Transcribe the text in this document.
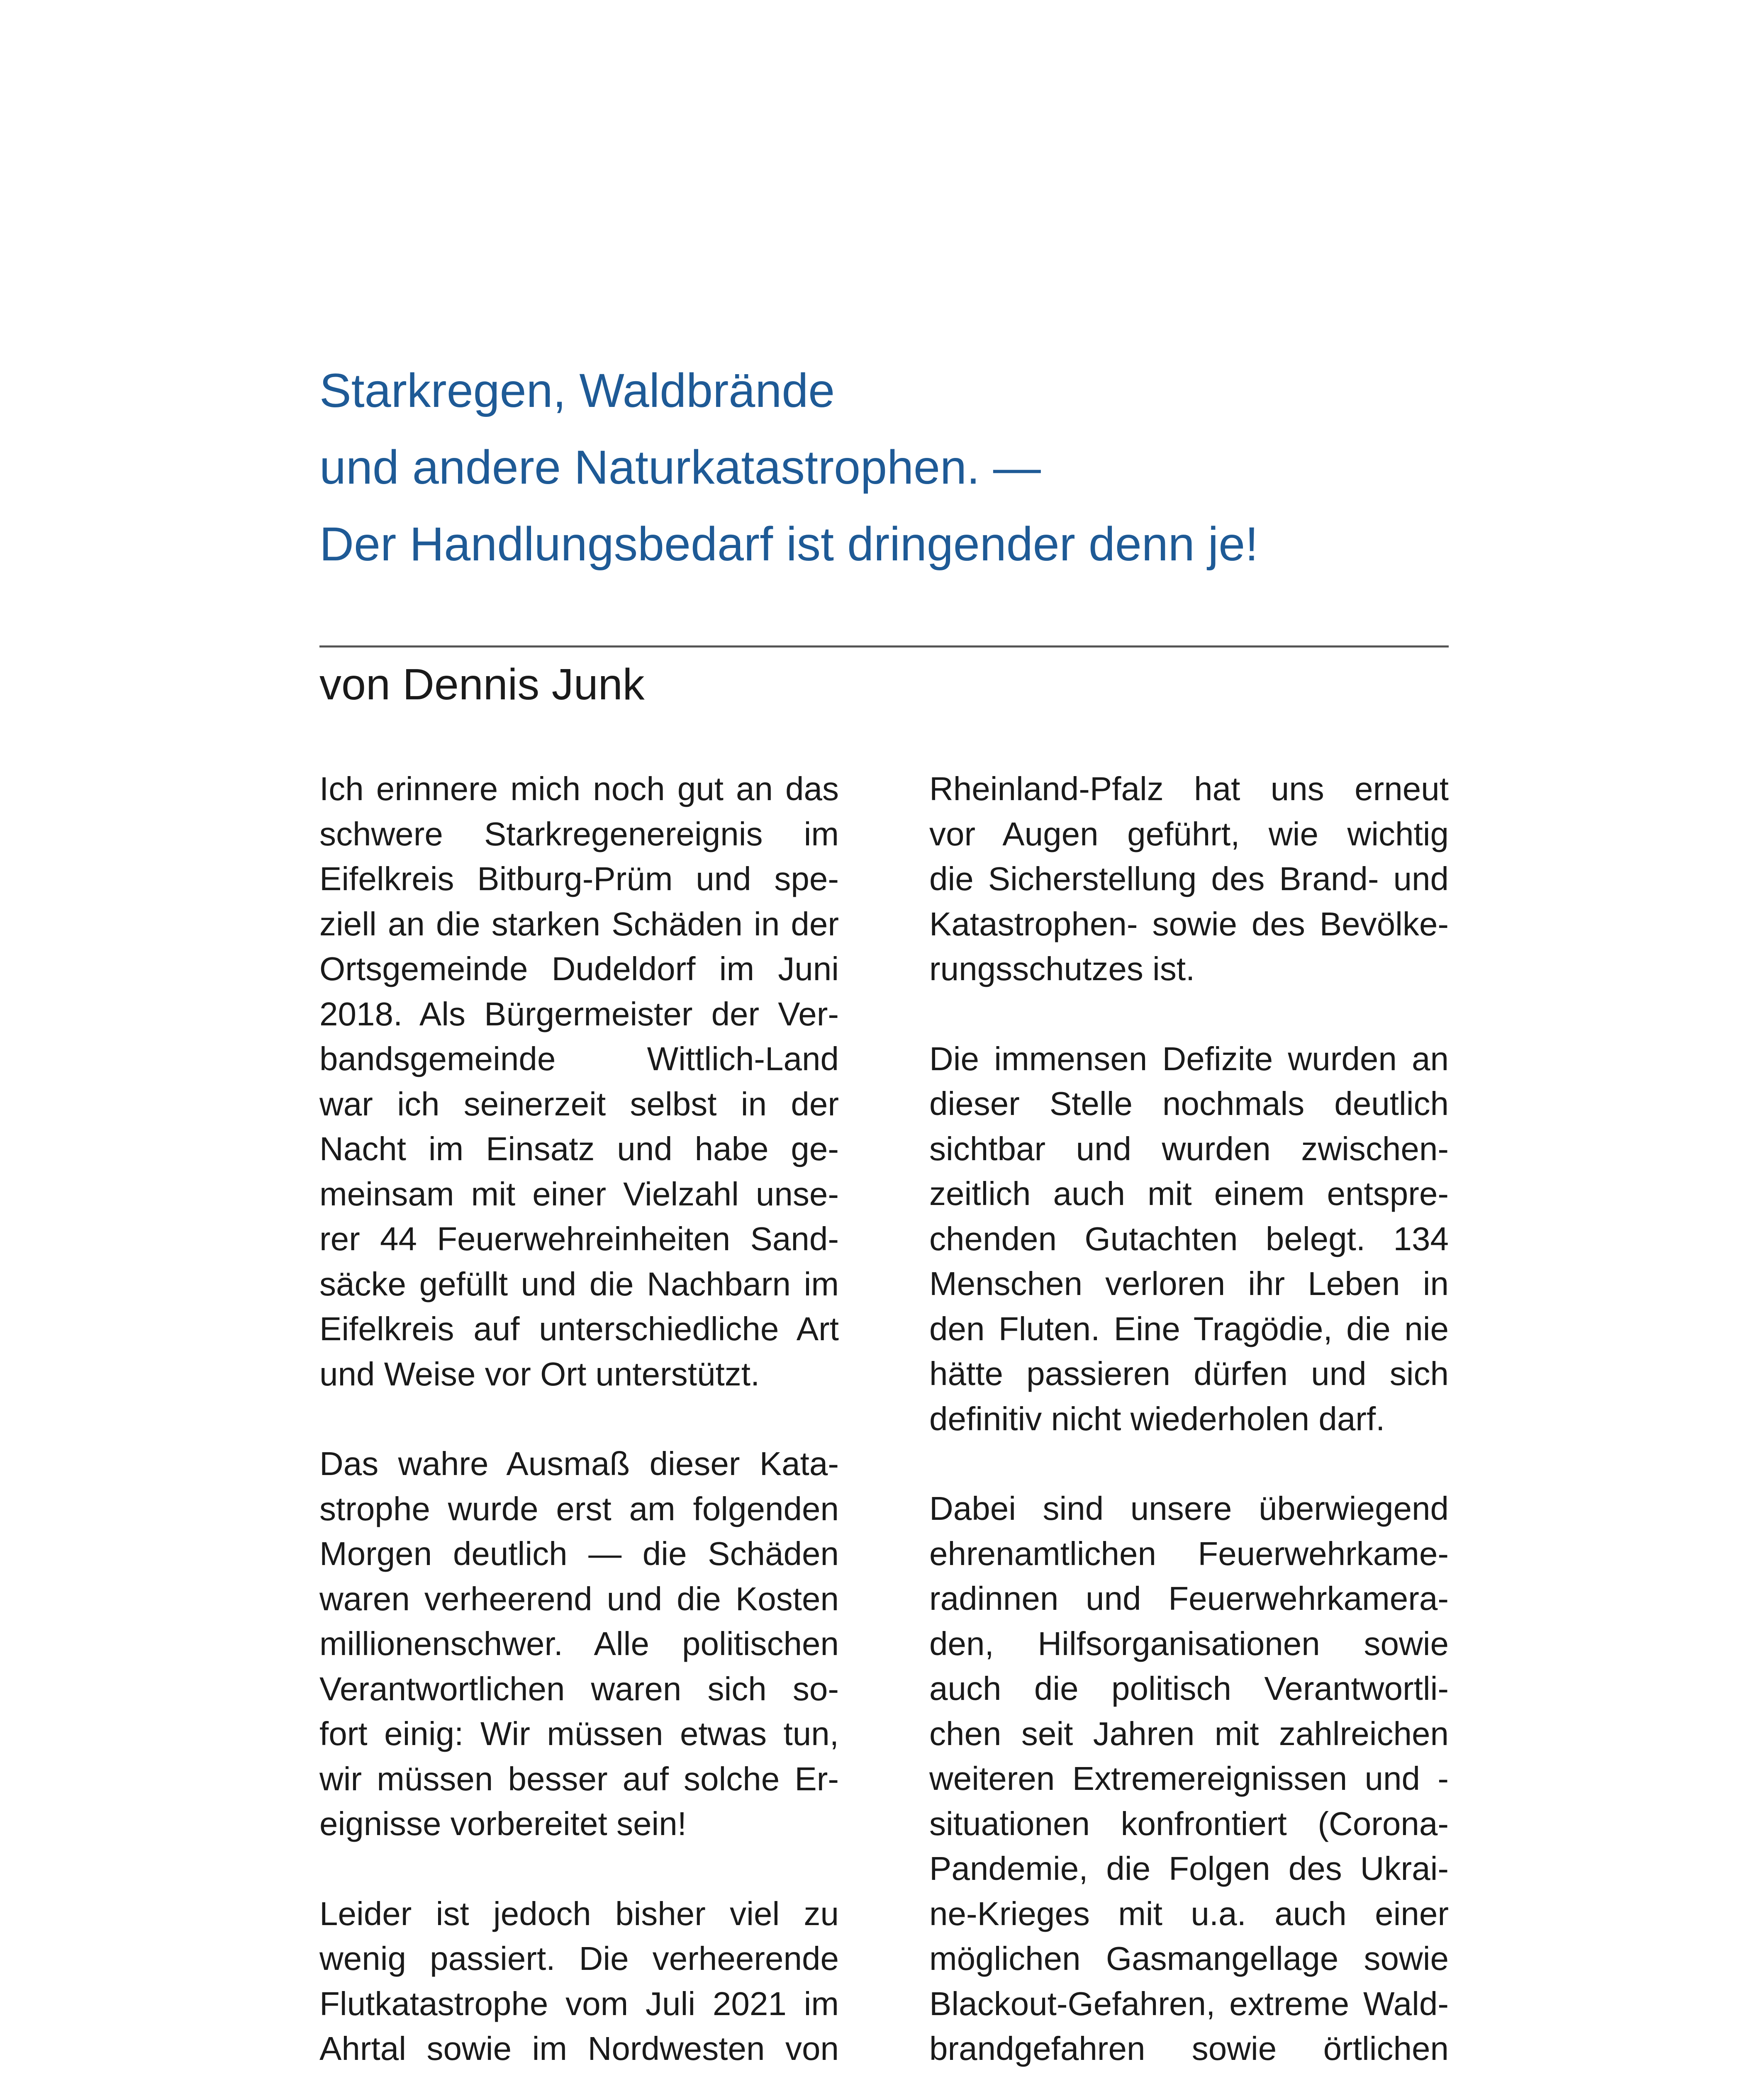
Starkregen, Waldbrände
und andere Naturkatastrophen. —
Der Handlungsbedarf ist dringender denn je!
von Dennis Junk

Ich erinnere mich noch gut an das
schwere Starkregenereignis im
Eifelkreis Bitburg-Prüm und spe-
ziell an die starken Schäden in der
Ortsgemeinde Dudeldorf im Juni
2018. Als Bürgermeister der Ver-
bandsgemeinde Wittlich-Land
war ich seinerzeit selbst in der
Nacht im Einsatz und habe ge-
meinsam mit einer Vielzahl unse-
rer 44 Feuerwehreinheiten Sand-
säcke gefüllt und die Nachbarn im
Eifelkreis auf unterschiedliche Art
und Weise vor Ort unterstützt.

Das wahre Ausmaß dieser Kata-
strophe wurde erst am folgenden
Morgen deutlich — die Schäden
waren verheerend und die Kosten
millionenschwer. Alle politischen
Verantwortlichen waren sich so-
fort einig: Wir müssen etwas tun,
wir müssen besser auf solche Er-
eignisse vorbereitet sein!

Leider ist jedoch bisher viel zu
wenig passiert. Die verheerende
Flutkatastrophe vom Juli 2021 im
Ahrtal sowie im Nordwesten von

Rheinland-Pfalz hat uns erneut
vor Augen geführt, wie wichtig
die Sicherstellung des Brand- und
Katastrophen- sowie des Bevölke-
rungsschutzes ist.

Die immensen Defizite wurden an
dieser Stelle nochmals deutlich
sichtbar und wurden zwischen-
zeitlich auch mit einem entspre-
chenden Gutachten belegt. 134
Menschen verloren ihr Leben in
den Fluten. Eine Tragödie, die nie
hätte passieren dürfen und sich
definitiv nicht wiederholen darf.

Dabei sind unsere überwiegend
ehrenamtlichen Feuerwehrkame-
radinnen und Feuerwehrkamera-
den, Hilfsorganisationen sowie
auch die politisch Verantwortli-
chen seit Jahren mit zahlreichen
weiteren Extremereignissen und -
situationen konfrontiert (Corona-
Pandemie, die Folgen des Ukrai-
ne-Krieges mit u.a. auch einer
möglichen Gasmangellage sowie
Blackout-Gefahren, extreme Wald-
brandgefahren sowie örtlichen
